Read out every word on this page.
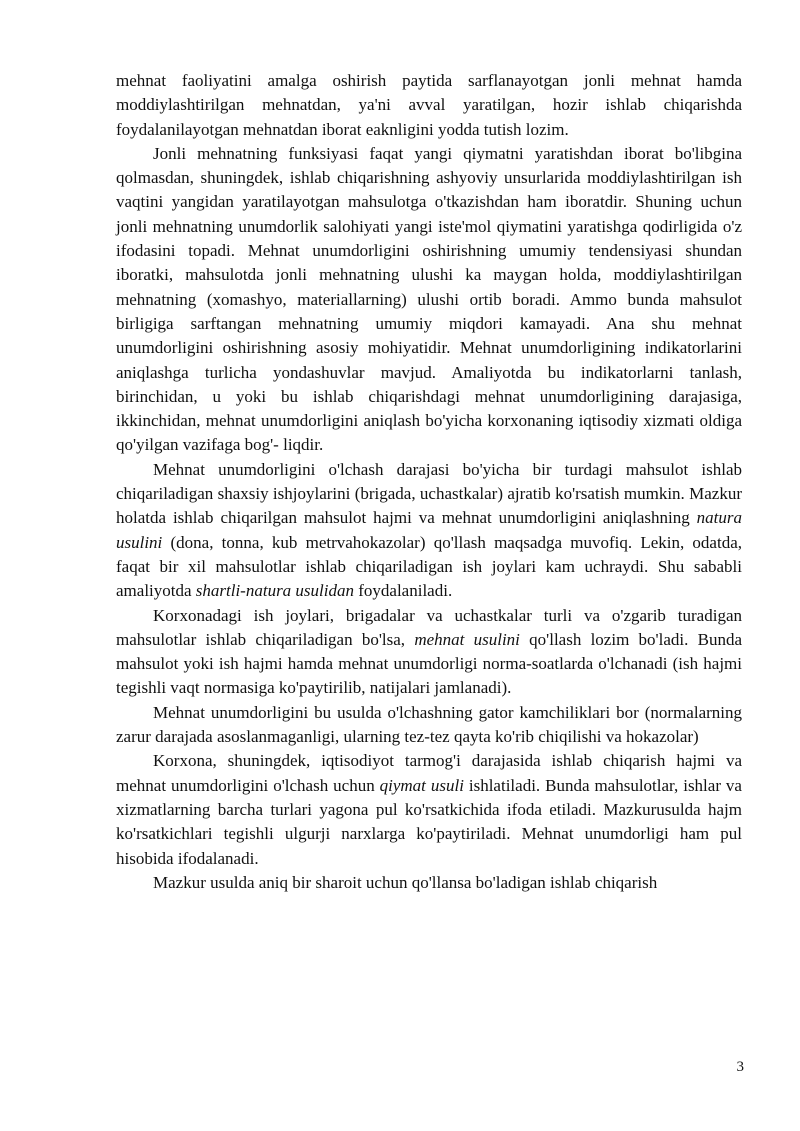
mehnat faoliyatini amalga oshirish paytida sarflanayotgan jonli mehnat hamda moddiylashtirilgan mehnatdan, ya'ni avval yaratilgan, hozir ishlab chiqarishda foydalanilayotgan mehnatdan iborat eaknligini yodda tutish lozim.

Jonli mehnatning funksiyasi faqat yangi qiymatni yaratishdan iborat bo'libgina qolmasdan, shuningdek, ishlab chiqarishning ashyoviy unsurlarida moddiylashtirilgan ish vaqtini yangidan yaratilayotgan mahsulotga o'tkazishdan ham iboratdir. Shuning uchun jonli mehnatning unumdorlik salohiyati yangi iste'mol qiymatini yaratishga qodirligida o'z ifodasini topadi. Mehnat unumdorligini oshirishning umumiy tendensiyasi shundan iboratki, mahsulotda jonli mehnatning ulushi ka maygan holda, moddiylashtirilgan mehnatning (xomashyo, materiallarning) ulushi ortib boradi. Ammo bunda mahsulot birligiga sarftangan mehnatning umumiy miqdori kamayadi. Ana shu mehnat unumdorligini oshirishning asosiy mohiyatidir. Mehnat unumdorligining indikatorlarini aniqlashga turlicha yondashuvlar mavjud. Amaliyotda bu indikatorlarni tanlash, birinchidan, u yoki bu ishlab chiqarishdagi mehnat unumdorligining darajasiga, ikkinchidan, mehnat unumdorligini aniqlash bo'yicha korxonaning iqtisodiy xizmati oldiga qo'yilgan vazifaga bog'- liqdir.

Mehnat unumdorligini o'lchash darajasi bo'yicha bir turdagi mahsulot ishlab chiqariladigan shaxsiy ishjoylarini (brigada, uchastkalar) ajratib ko'rsatish mumkin. Mazkur holatda ishlab chiqarilgan mahsulot hajmi va mehnat unumdorligini aniqlashning natura usulini (dona, tonna, kub metrvahokazolar) qo'llash maqsadga muvofiq. Lekin, odatda, faqat bir xil mahsulotlar ishlab chiqariladigan ish joylari kam uchraydi. Shu sababli amaliyotda shartli-natura usulidan foydalaniladi.

Korxonadagi ish joylari, brigadalar va uchastkalar turli va o'zgarib turadigan mahsulotlar ishlab chiqariladigan bo'lsa, mehnat usulini qo'llash lozim bo'ladi. Bunda mahsulot yoki ish hajmi hamda mehnat unumdorligi norma-soatlarda o'lchanadi (ish hajmi tegishli vaqt normasiga ko'paytirilib, natijalari jamlanadi).

Mehnat unumdorligini bu usulda o'lchashning gator kamchiliklari bor (normalarning zarur darajada asoslanmaganligi, ularning tez-tez qayta ko'rib chiqilishi va hokazolar)

Korxona, shuningdek, iqtisodiyot tarmog'i darajasida ishlab chiqarish hajmi va mehnat unumdorligini o'lchash uchun qiymat usuli ishlatiladi. Bunda mahsulotlar, ishlar va xizmatlarning barcha turlari yagona pul ko'rsatkichida ifoda etiladi. Mazkurusulda hajm ko'rsatkichlari tegishli ulgurji narxlarga ko'paytiriladi. Mehnat unumdorligi ham pul hisobida ifodalanadi.

Mazkur usulda aniq bir sharoit uchun qo'llansa bo'ladigan ishlab chiqarish

3
